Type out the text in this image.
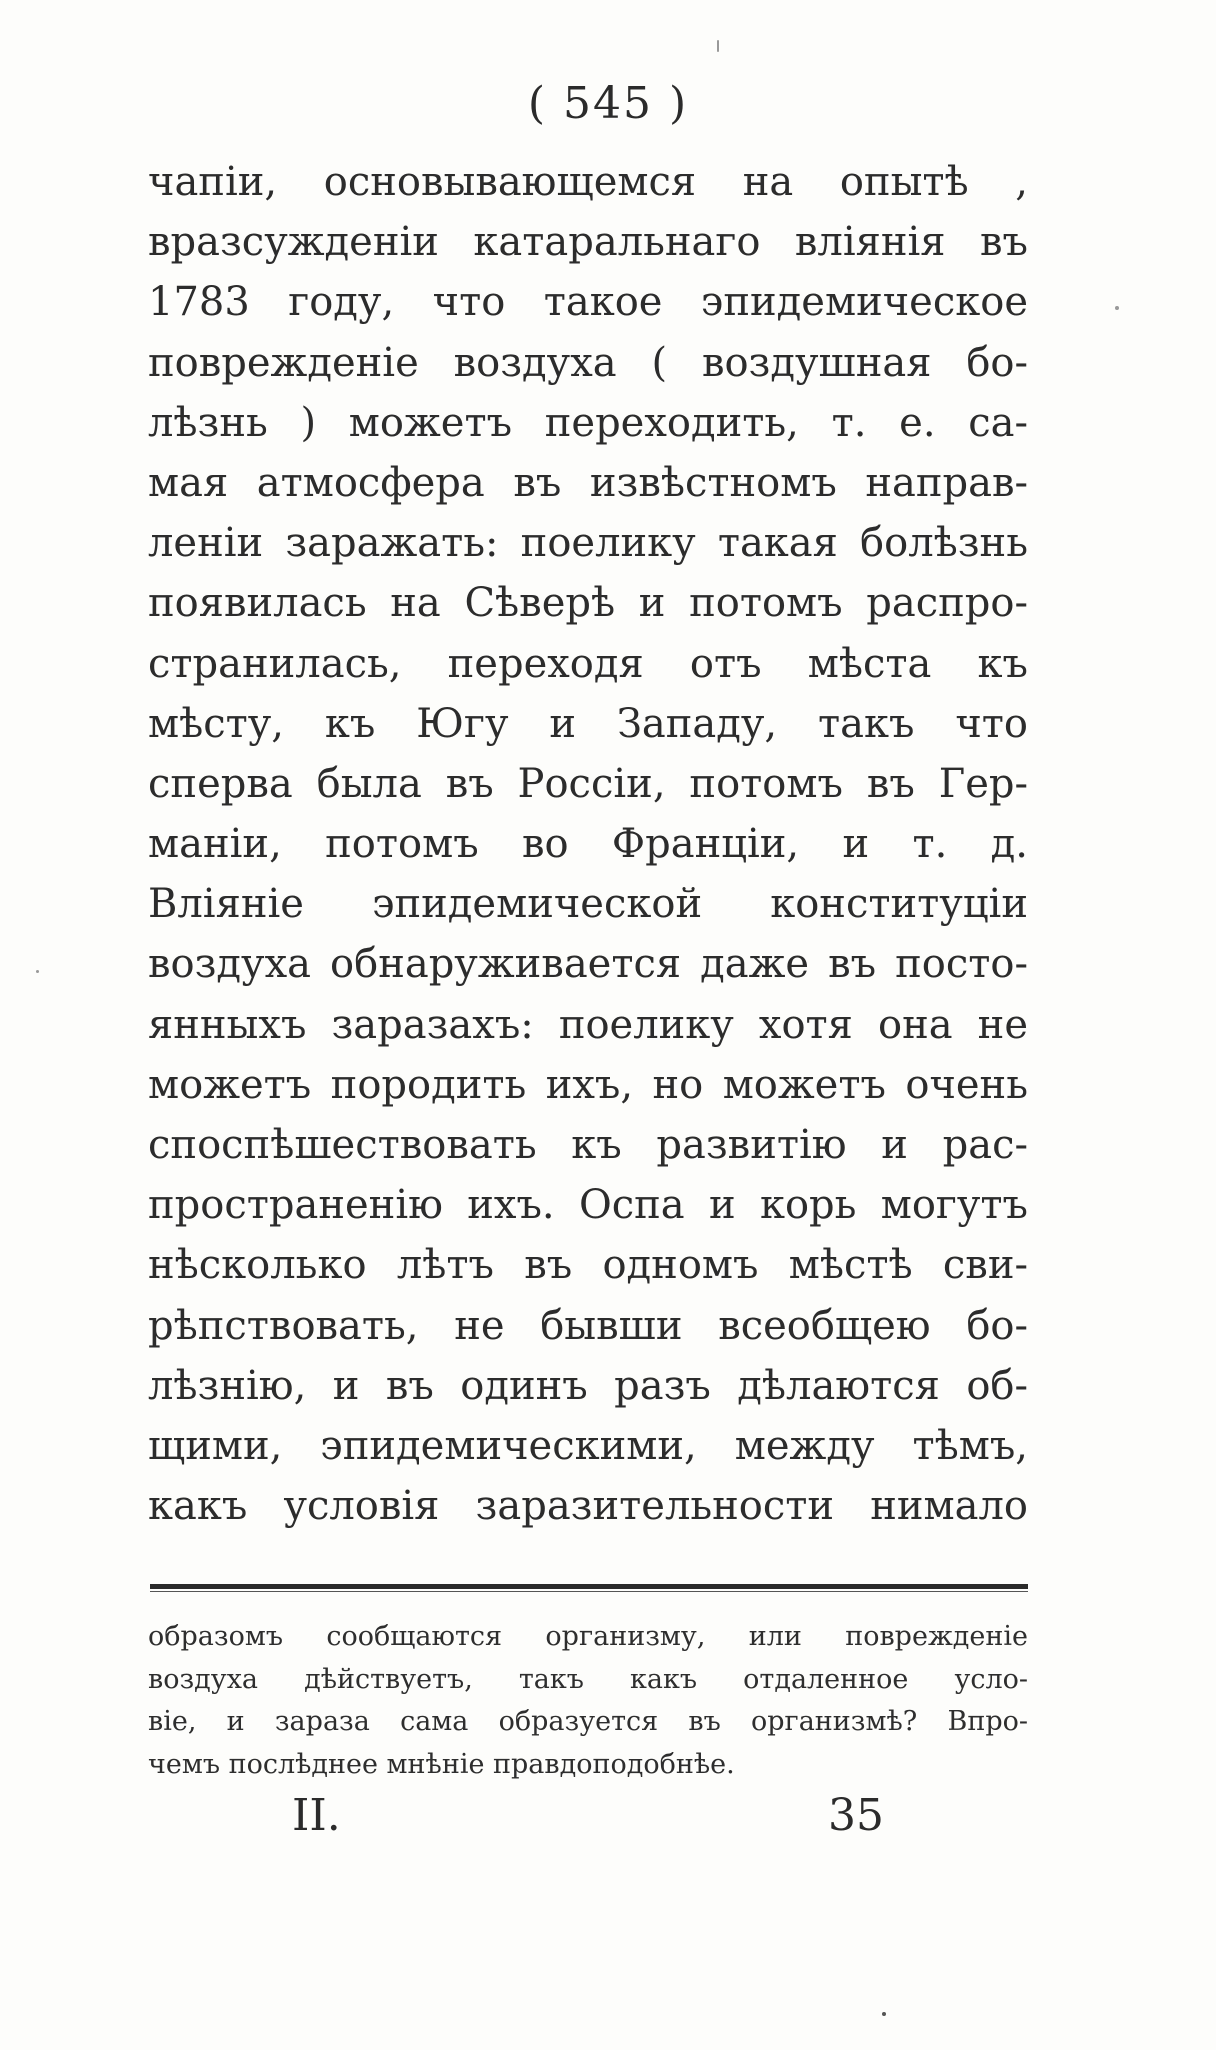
( 545 )
чапіи, основывающемся на опытѣ ,
вразсужденіи катаральнаго вліянія въ
1783 году, что такое эпидемическое
поврежденіе воздуха ( воздушная бо-
лѣзнь ) можетъ переходить, т. е. са-
мая атмосфера въ извѣстномъ направ-
леніи заражать: поелику такая болѣзнь
появилась на Сѣверѣ и потомъ распро-
странилась, переходя отъ мѣста къ
мѣсту, къ Югу и Западу, такъ что
сперва была въ Россіи, потомъ въ Гер-
маніи, потомъ во Франціи, и т. д.
Вліяніе эпидемической конституціи
воздуха обнаруживается даже въ посто-
янныхъ заразахъ: поелику хотя она не
можетъ породить ихъ, но можетъ очень
споспѣшествовать къ развитію и рас-
пространенію ихъ. Оспа и корь могутъ
нѣсколько лѣтъ въ одномъ мѣстѣ сви-
рѣпствовать, не бывши всеобщею бо-
лѣзнію, и въ одинъ разъ дѣлаются об-
щими, эпидемическими, между тѣмъ,
какъ условія заразительности нимало
образомъ сообщаются организму, или поврежденіе
воздуха дѣйствуетъ, такъ какъ отдаленное усло-
віе, и зараза сама образуется въ организмѣ? Впро-
чемъ послѣднее мнѣніе правдоподобнѣе.
II.	35
